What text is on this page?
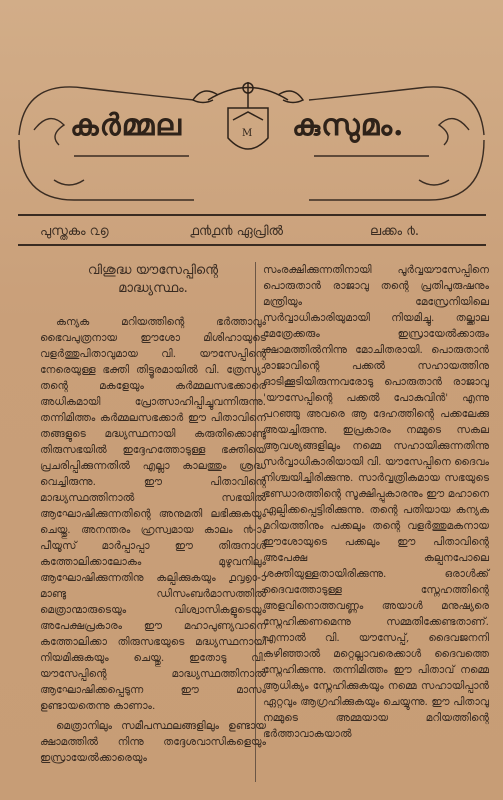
M
കർമ്മല	കുസുമം.
പുസ്തകം ൨൭	൧൯൧൯ ഏപ്രിൽ	ലക്കം ൪.
വിശുദ്ധ യൗസേപ്പിന്റെ
മാദ്ധ്യസ്ഥം.

കന്യക മറിയത്തിന്റെ ഭർത്താവും ഭൈവപുത്രനായ ഈശോ മിശിഹായുടെ വളർത്തുപിതാവുമായ വി. യൗസേപ്പിന്റെ നേരെയുള്ള ഭക്തി തിട്ടൂരമായിൽ വി. ത്രേസ്യാ തന്റെ മകളേയും കർമ്മലസഭക്കാരെ അധികമായി പ്രോത്സാഹിപ്പിച്ചുവന്നിരുന്നു. തന്നിമിത്തം കർമ്മലസഭക്കാർ ഈ പിതാവിനെ തങ്ങളുടെ മദ്ധ്യസ്ഥനായി കരുതിക്കൊണ്ടു തിരുസഭയിൽ ഇദ്ദേഹത്തോടുള്ള ഭക്തിയെ പ്രചരിപ്പിക്കുന്നതിൽ എല്ലാ കാലത്തും ശ്രദ്ധ വെച്ചിരുന്നു. ഈ പിതാവിന്റെ മാദ്ധ്യസ്ഥത്തിനാൽ സഭയിൽ ആഘോഷിക്കുന്നതിന്റെ അനുമതി ലഭിക്കുകയും ചെയ്തു. അനന്തരം ഹ്രസ്വമായ കാലം ൯-ാം പീയൂസ് മാർപ്പാപ്പാ ഈ തിരുനാൾ കത്തോലിക്കാലോകം മുഴുവനിലും ആഘോഷിക്കുന്നതിനു കല്പിക്കുകയും ൧൮൭൦-ാമാണ്ടു ഡിസംബർമാസത്തിൽ മെത്രാന്മാരുടെയും വിശ്വാസികളുടെയും അപേക്ഷപ്രകാരം ഈ മഹാപുണ്യവാനെ കത്തോലിക്കാ തിരുസഭയുടെ മദ്ധ്യസ്ഥനായി നിയമിക്കുകയും ചെയ്തു. ഇതോടു വി. യൗസേപ്പിന്റെ മാദ്ധ്യസ്ഥത്തിനാൽ ആഘോഷിക്കപ്പെടുന്ന ഈ മാസം ഉണ്ടായതെന്നു കാണാം.

മെത്രാനിലും സമീപസ്ഥലങ്ങളിലും ഉണ്ടായ ക്ഷാമത്തിൽ നിന്നു തദ്ദേശവാസികളെയും ഇസ്രായേൽക്കാരെയും

സംരക്ഷിക്കുന്നതിനായി പൂർവ്വയൗസേപ്പിനെ പൊരുതാൻ രാജാവു തന്റെ പ്രതിപുരുഷനും മന്ത്രിയും മേസ്രേനിയിലെ സർവ്വാധികാരിയുമായി നിയമിച്ചു. തല്ക്കാല മേത്രേക്കരും ഇസ്രായേൽക്കാരും ക്ഷാമത്തിൽനിന്നു മോചിതരായി. പൊരുതാൻ രാജാവിന്റെ പക്കൽ സഹായത്തിനു ഓടിക്കൂടിയിരുന്നവരോടു പൊരുതാൻ രാജാവു 'യൗസേപ്പിന്റെ പക്കൽ പോകുവിൻ' എന്നു പറഞ്ഞു അവരെ ആ ദേഹത്തിന്റെ പക്കലേക്കു അയച്ചിരുന്നു. ഇപ്രകാരം നമ്മുടെ സകല ആവശ്യങ്ങളിലും നമ്മെ സഹായിക്കുന്നതിന്നു സർവ്വാധികാരിയായി വി. യൗസേപ്പിനെ ദൈവം നിശ്ചയിച്ചിരിക്കുന്നു. സാർവ്വത്രികമായ സഭയുടെ ഭണ്ഡാരത്തിന്റെ സൂക്ഷിപ്പുകാരനും ഈ മഹാനെ ഏല്പിക്കപ്പെട്ടിരിക്കുന്നു. തന്റെ പതിയായ കന്യക മറിയത്തിനും പക്കലും തന്റെ വളർത്തുമകനായ ഈശോയുടെ പക്കലും ഈ പിതാവിന്റെ അപേക്ഷ കല്പനപോലെ ശക്തിയുള്ളതായിരിക്കുന്നു. ഒരാൾക്ക് ദൈവത്തോടുള്ള സ്നേഹത്തിന്റെ അളവിനൊത്തവണ്ണം അയാൾ മനുഷ്യരെ സ്നേഹിക്കണമെന്നു സമ്മതിക്കേണ്ടതാണ്. എന്നാൽ വി. യൗസേപ്പ്, ദൈവജനനി കഴിഞ്ഞാൽ മറ്റെല്ലാവരെക്കാൾ ദൈവത്തെ സ്നേഹിക്കുന്നു. തന്നിമിത്തം ഈ പിതാവ് നമ്മെ ആധിക്യം സ്നേഹിക്കുകയും നമ്മെ സഹായിപ്പാൻ ഏറ്റവും ആഗ്രഹിക്കുകയും ചെയ്യുന്നു. ഈ പിതാവു നമ്മുടെ അമ്മയായ മറിയത്തിന്റെ ഭർത്താവാകയാൽ
